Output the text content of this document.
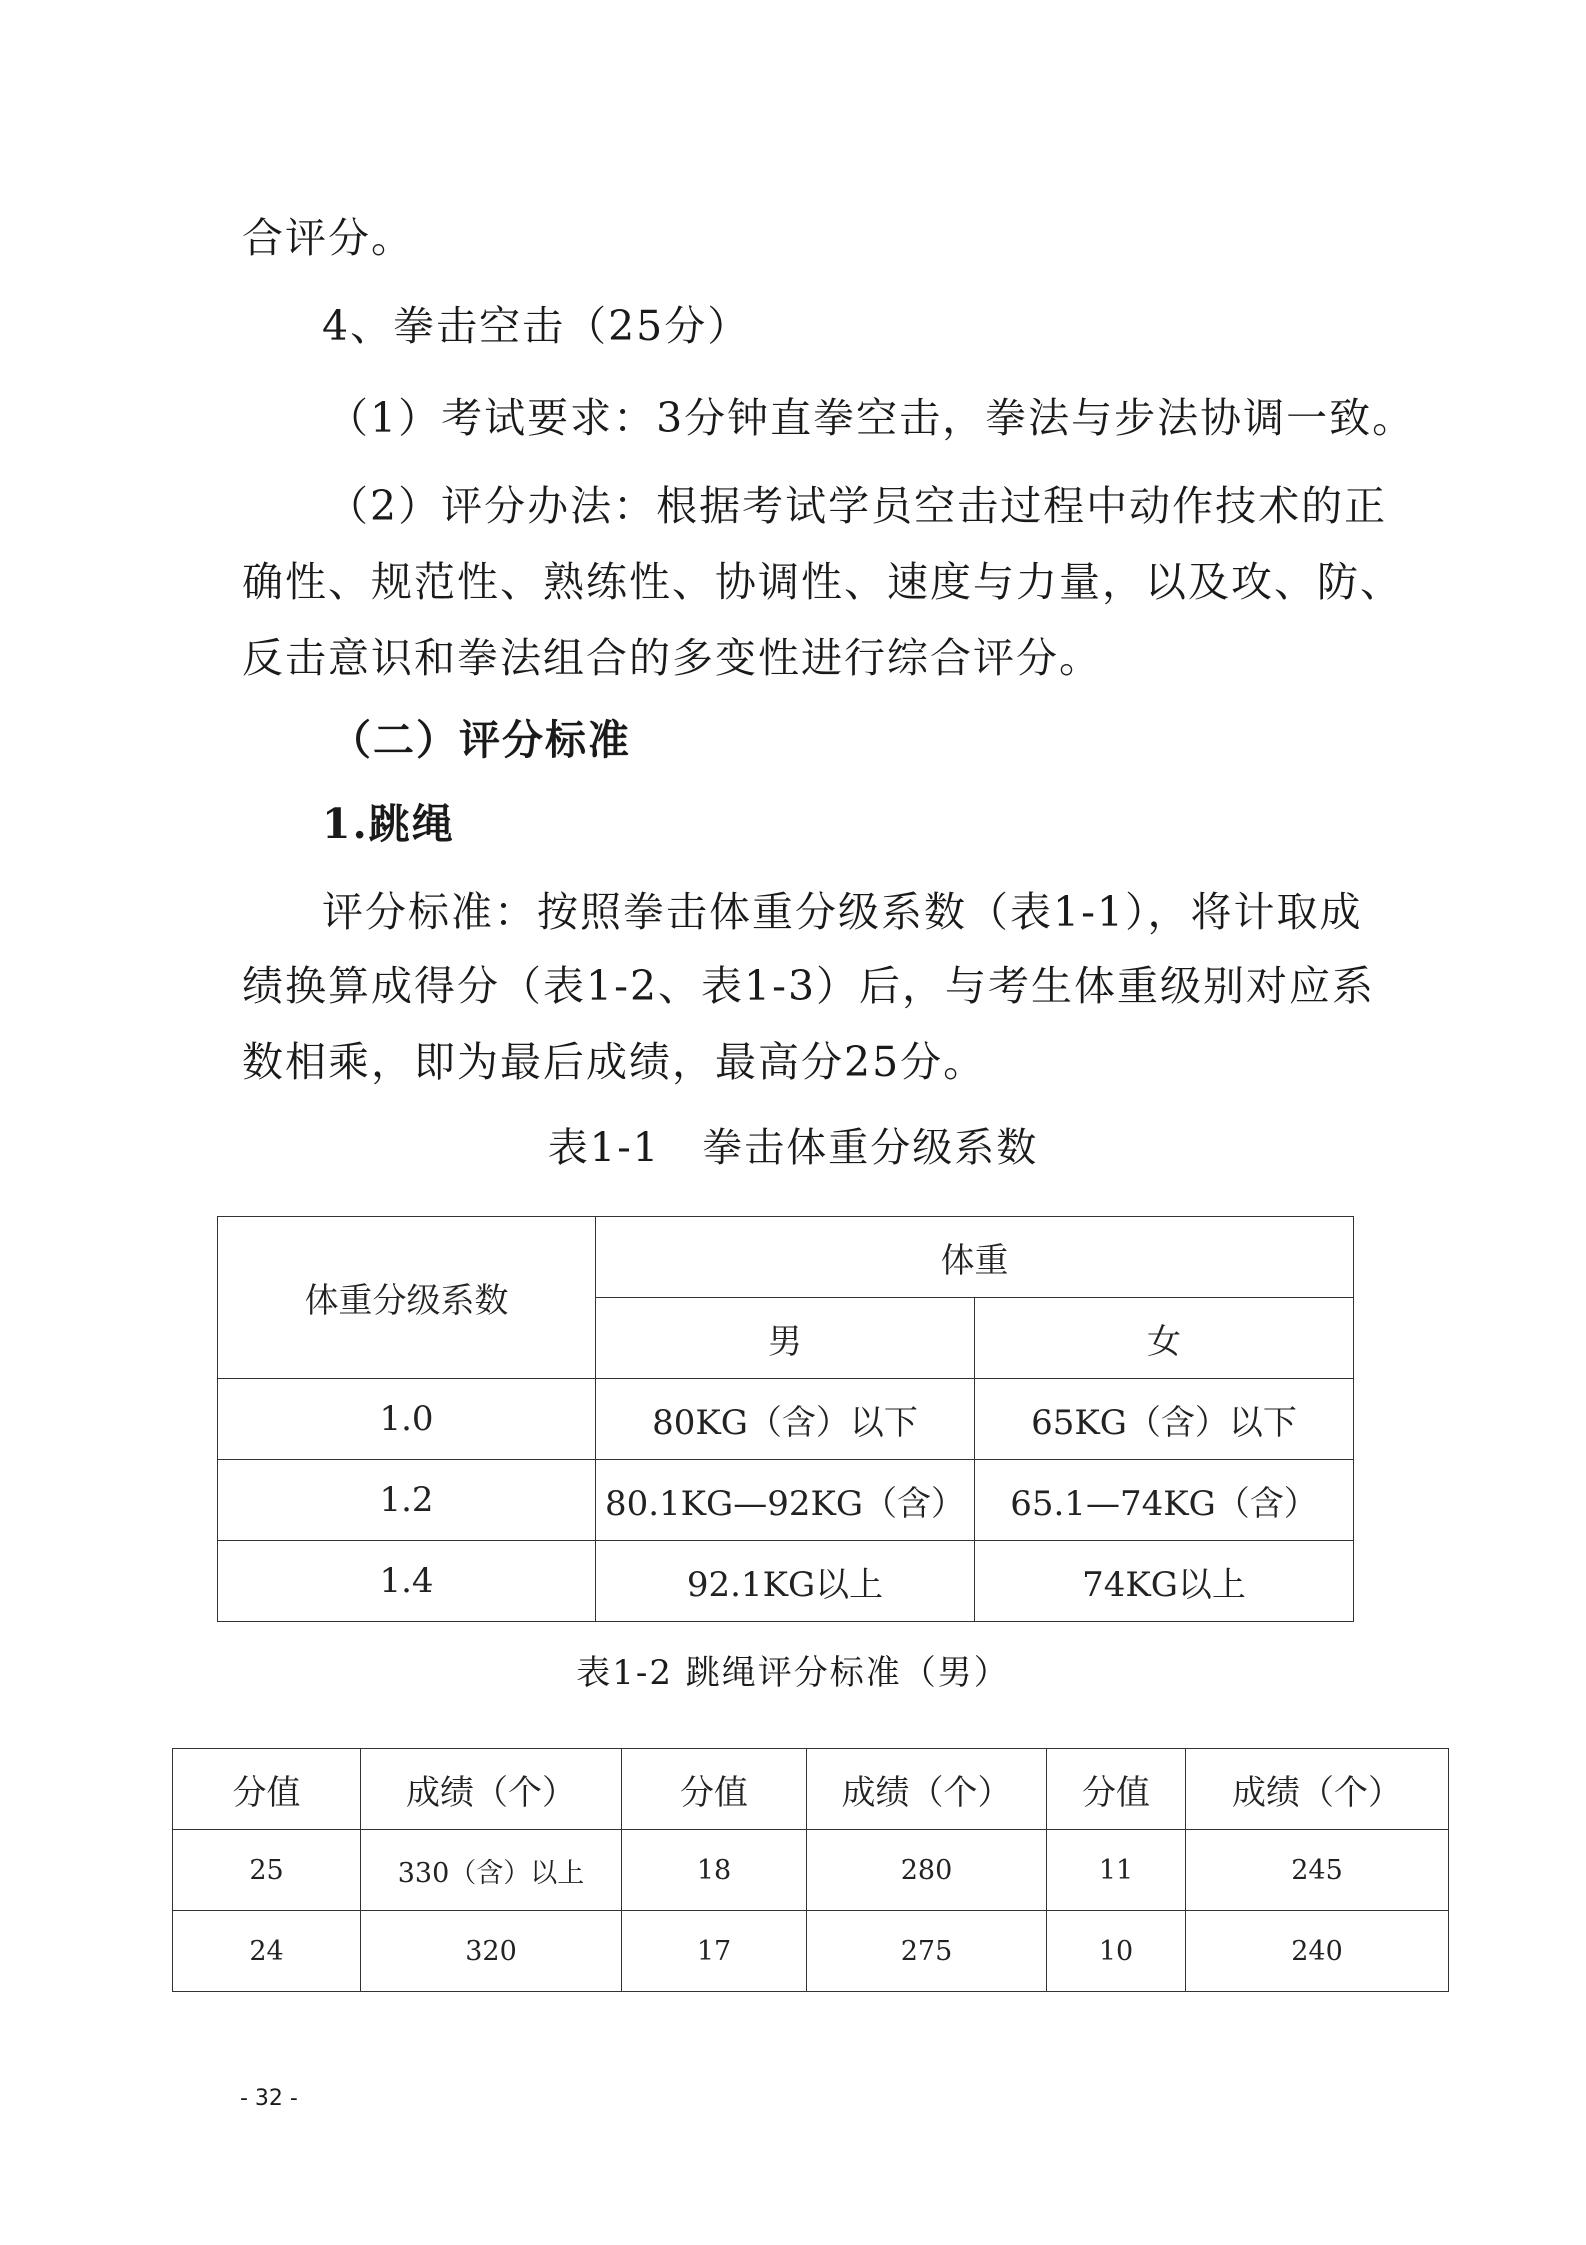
合评分。

4、拳击空击（25分）

（1）考试要求：3分钟直拳空击，拳法与步法协调一致。

（2）评分办法：根据考试学员空击过程中动作技术的正

确性、规范性、熟练性、协调性、速度与力量，以及攻、防、

反击意识和拳法组合的多变性进行综合评分。

（二）评分标准

1.跳绳

评分标准：按照拳击体重分级系数（表1-1），将计取成

绩换算成得分（表1-2、表1-3）后，与考生体重级别对应系

数相乘，即为最后成绩，最高分25分。

表1-1　拳击体重分级系数

体重分级系数	体重	
	男	女
1.0	80KG（含）以下	65KG（含）以下
1.2	80.1KG—92KG（含）	65.1—74KG（含）
1.4	92.1KG以上	74KG以上

表1-2 跳绳评分标准（男）

分值	成绩（个）	分值	成绩（个）	分值	成绩（个）
25	330（含）以上	18	280	11	245
24	320	17	275	10	240

- 32 -
